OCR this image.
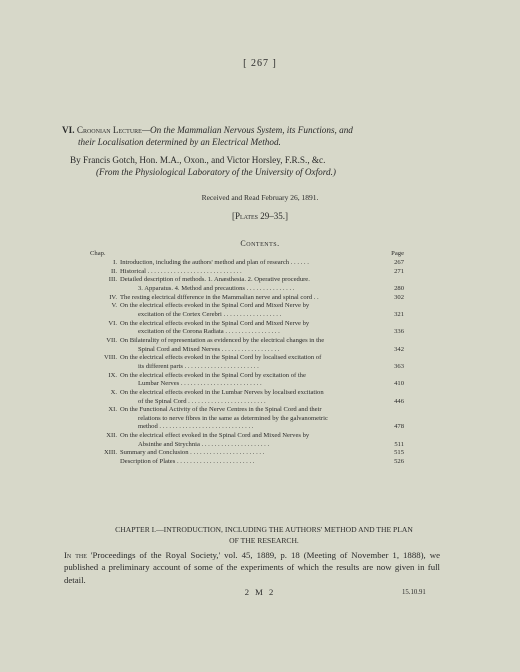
[ 267 ]
VI. Croonian Lecture—On the Mammalian Nervous System, its Functions, and
their Localisation determined by an Electrical Method.
By Francis Gotch, Hon. M.A., Oxon., and Victor Horsley, F.R.S., &c.
(From the Physiological Laboratory of the University of Oxford.)
Received and Read February 26, 1891.
[Plates 29–35.]
Contents.
Chap.	Page
I. Introduction, including the authors' method and plan of research . . . . . .	267
II. Historical . . . . . . . . . . . . . . . . . . . . . . . . . . . . .	271
III. Detailed description of methods. 1. Anæsthesia. 2. Operative procedure.
3. Apparatus. 4. Method and precautions . . . . . . . . . . . . . . .	280
IV. The resting electrical difference in the Mammalian nerve and spinal cord . .	302
V. On the electrical effects evoked in the Spinal Cord and Mixed Nerve by
excitation of the Cortex Cerebri . . . . . . . . . . . . . . . . . .	321
VI. On the electrical effects evoked in the Spinal Cord and Mixed Nerve by
excitation of the Corona Radiata . . . . . . . . . . . . . . . . .	336
VII. On Bilaterality of representation as evidenced by the electrical changes in the
Spinal Cord and Mixed Nerves . . . . . . . . . . . . . . . . . .	342
VIII. On the electrical effects evoked in the Spinal Cord by localised excitation of
its different parts . . . . . . . . . . . . . . . . . . . . . . .	363
IX. On the electrical effects evoked in the Spinal Cord by excitation of the
Lumbar Nerves . . . . . . . . . . . . . . . . . . . . . . . . .	410
X. On the electrical effects evoked in the Lumbar Nerves by localised excitation
of the Spinal Cord . . . . . . . . . . . . . . . . . . . . . . . .	446
XI. On the Functional Activity of the Nerve Centres in the Spinal Cord and their
relations to nerve fibres in the same as determined by the galvanometric
method . . . . . . . . . . . . . . . . . . . . . . . . . . . . .	478
XII. On the electrical effect evoked in the Spinal Cord and Mixed Nerves by
Absinthe and Strychnia . . . . . . . . . . . . . . . . . . . . .	511
XIII. Summary and Conclusion . . . . . . . . . . . . . . . . . . . . . . .	515
Description of Plates . . . . . . . . . . . . . . . . . . . . . . . .	526
CHAPTER I.—INTRODUCTION, INCLUDING THE AUTHORS' METHOD AND THE PLAN
OF THE RESEARCH.
In the 'Proceedings of the Royal Society,' vol. 45, 1889, p. 18 (Meeting of November 1, 1888), we published a preliminary account of some of the experiments of which the results are now given in full detail.
2 M 2	15.10.91
